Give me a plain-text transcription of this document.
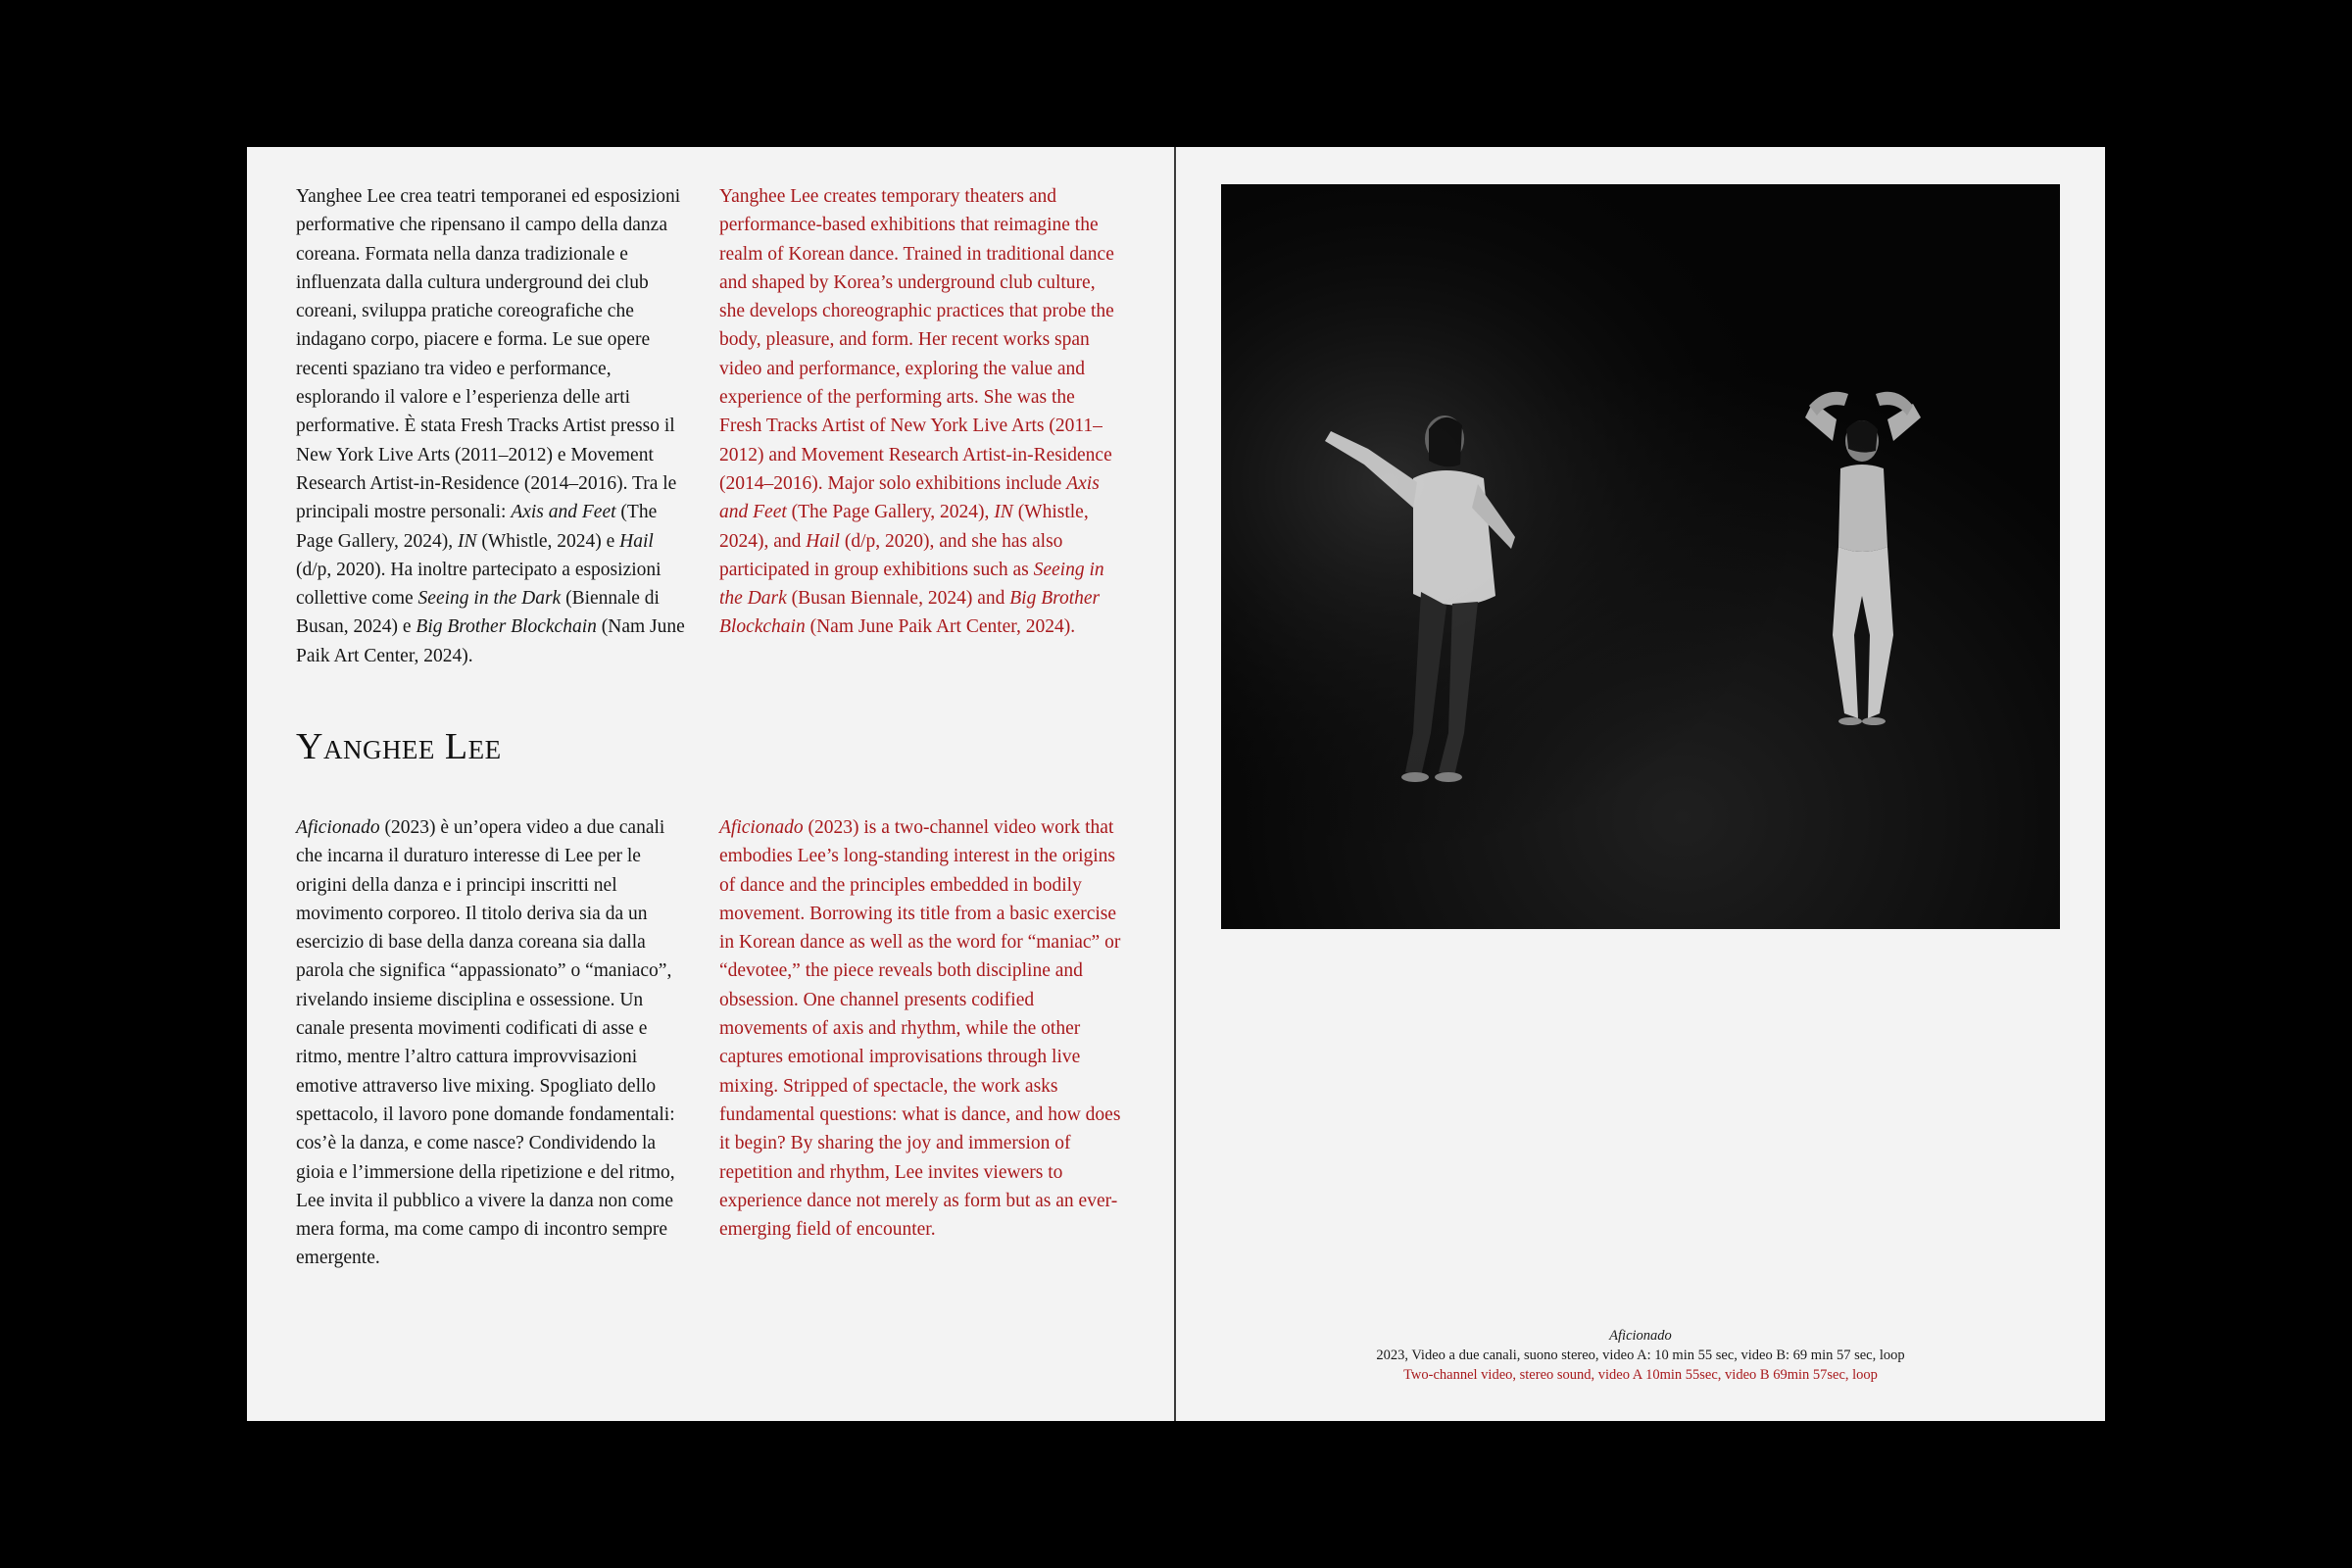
Yanghee Lee crea teatri temporanei ed esposizioni performative che ripensano il campo della danza coreana. Formata nella danza tradizionale e influenzata dalla cultura underground dei club coreani, sviluppa pratiche coreografiche che indagano corpo, piacere e forma. Le sue opere recenti spaziano tra video e performance, esplorando il valore e l’esperienza delle arti performative. È stata Fresh Tracks Artist presso il New York Live Arts (2011–2012) e Movement Research Artist-in-Residence (2014–2016). Tra le principali mostre personali: Axis and Feet (The Page Gallery, 2024), IN (Whistle, 2024) e Hail (d/p, 2020). Ha inoltre partecipato a esposizioni collettive come Seeing in the Dark (Biennale di Busan, 2024) e Big Brother Blockchain (Nam June Paik Art Center, 2024).

Yanghee Lee creates temporary theaters and performance-based exhibitions that reimagine the realm of Korean dance. Trained in traditional dance and shaped by Korea’s underground club culture, she develops choreographic practices that probe the body, pleasure, and form. Her recent works span video and performance, exploring the value and experience of the performing arts. She was the Fresh Tracks Artist of New York Live Arts (2011–2012) and Movement Research Artist-in-Residence (2014–2016). Major solo exhibitions include Axis and Feet (The Page Gallery, 2024), IN (Whistle, 2024), and Hail (d/p, 2020), and she has also participated in group exhibitions such as Seeing in the Dark (Busan Biennale, 2024) and Big Brother Blockchain (Nam June Paik Art Center, 2024).

Yanghee Lee

Aficionado (2023) è un’opera video a due canali che incarna il duraturo interesse di Lee per le origini della danza e i principi inscritti nel movimento corporeo. Il titolo deriva sia da un esercizio di base della danza coreana sia dalla parola che significa “appassionato” o “maniaco”, rivelando insieme disciplina e ossessione. Un canale presenta movimenti codificati di asse e ritmo, mentre l’altro cattura improvvisazioni emotive attraverso live mixing. Spogliato dello spettacolo, il lavoro pone domande fondamentali: cos’è la danza, e come nasce? Condividendo la gioia e l’immersione della ripetizione e del ritmo, Lee invita il pubblico a vivere la danza non come mera forma, ma come campo di incontro sempre emergente.

Aficionado (2023) is a two-channel video work that embodies Lee’s long-standing interest in the origins of dance and the principles embedded in bodily movement. Borrowing its title from a basic exercise in Korean dance as well as the word for “maniac” or “devotee,” the piece reveals both discipline and obsession. One channel presents codified movements of axis and rhythm, while the other captures emotional improvisations through live mixing. Stripped of spectacle, the work asks fundamental questions: what is dance, and how does it begin? By sharing the joy and immersion of repetition and rhythm, Lee invites viewers to experience dance not merely as form but as an ever-emerging field of encounter.

Aficionado
2023, Video a due canali, suono stereo, video A: 10 min 55 sec, video B: 69 min 57 sec, loop
Two-channel video, stereo sound, video A 10min 55sec, video B 69min 57sec, loop
